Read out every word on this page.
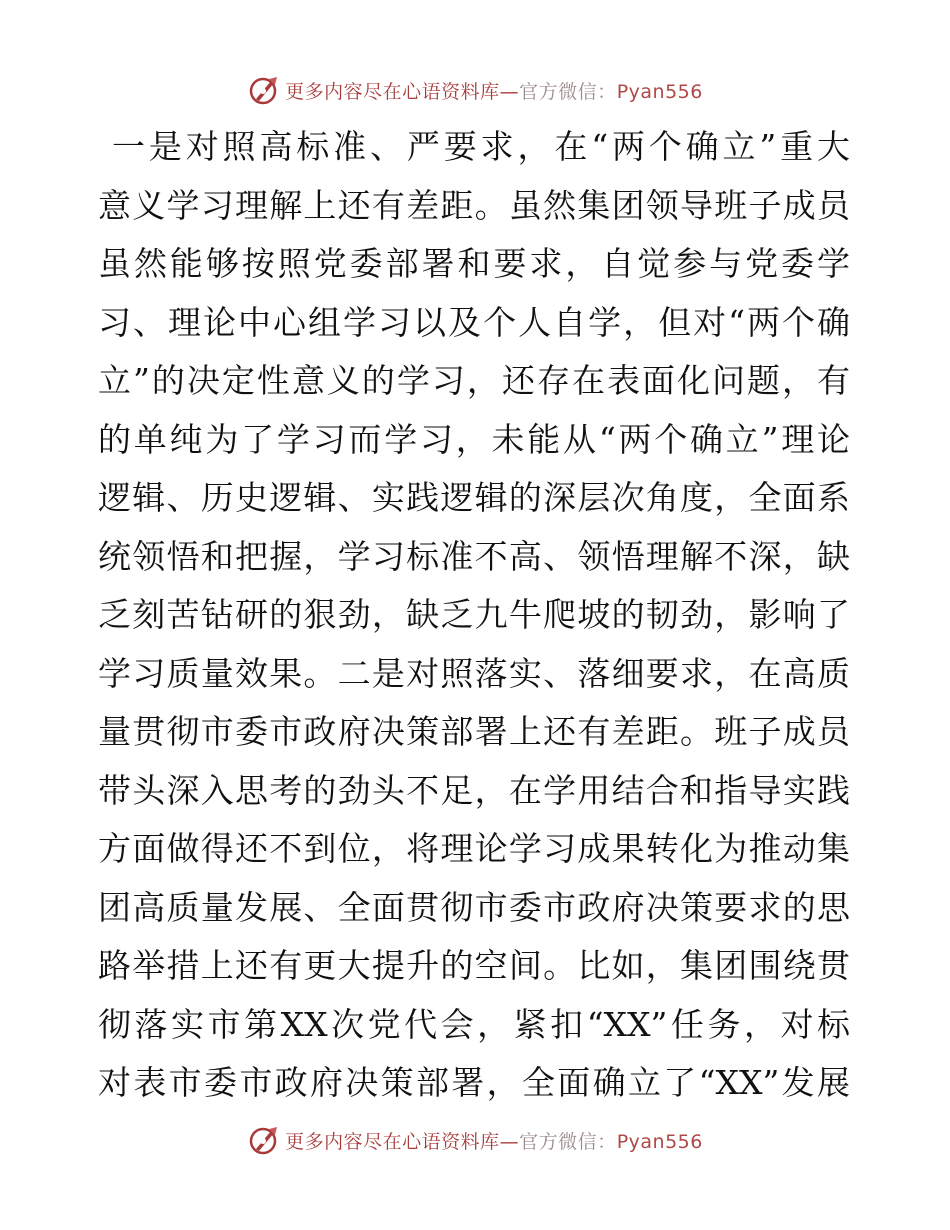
更多内容尽在心语资料库—官方微信：Pyan556
一是对照高标准、严要求，在“两个确立”重大
意义学习理解上还有差距。虽然集团领导班子成员
虽然能够按照党委部署和要求，自觉参与党委学
习、理论中心组学习以及个人自学，但对“两个确
立”的决定性意义的学习，还存在表面化问题，有
的单纯为了学习而学习，未能从“两个确立”理论
逻辑、历史逻辑、实践逻辑的深层次角度，全面系
统领悟和把握，学习标准不高、领悟理解不深，缺
乏刻苦钻研的狠劲，缺乏九牛爬坡的韧劲，影响了
学习质量效果。二是对照落实、落细要求，在高质
量贯彻市委市政府决策部署上还有差距。班子成员
带头深入思考的劲头不足，在学用结合和指导实践
方面做得还不到位，将理论学习成果转化为推动集
团高质量发展、全面贯彻市委市政府决策要求的思
路举措上还有更大提升的空间。比如，集团围绕贯
彻落实市第XX次党代会，紧扣“XX”任务，对标
对表市委市政府决策部署，全面确立了“XX”发展
更多内容尽在心语资料库—官方微信：Pyan556
